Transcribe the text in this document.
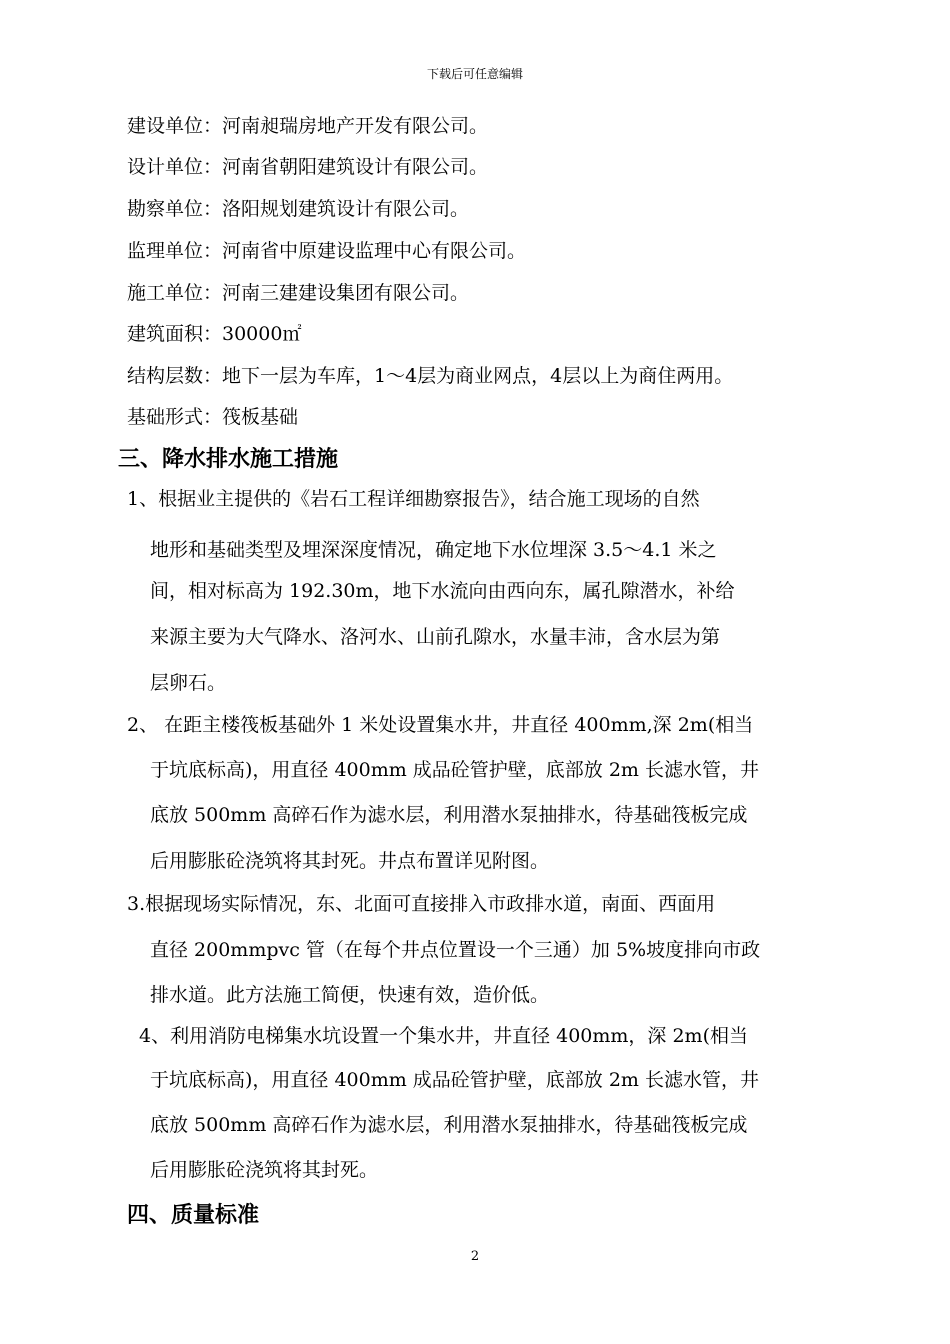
下载后可任意编辑
建设单位：河南昶瑞房地产开发有限公司。
设计单位：河南省朝阳建筑设计有限公司。
勘察单位：洛阳规划建筑设计有限公司。
监理单位：河南省中原建设监理中心有限公司。
施工单位：河南三建建设集团有限公司。
建筑面积：30000㎡
结构层数：地下一层为车库，1～4层为商业网点，4层以上为商住两用。
基础形式：筏板基础
三、降水排水施工措施
1、根据业主提供的《岩石工程详细勘察报告》，结合施工现场的自然
地形和基础类型及埋深深度情况，确定地下水位埋深 3.5～4.1 米之
间，相对标高为 192.30m，地下水流向由西向东，属孔隙潜水，补给
来源主要为大气降水、洛河水、山前孔隙水，水量丰沛，含水层为第
层卵石。
2、 在距主楼筏板基础外 1 米处设置集水井，井直径 400mm,深 2m(相当
于坑底标高)，用直径 400mm 成品砼管护壁，底部放 2m 长滤水管，井
底放 500mm 高碎石作为滤水层，利用潜水泵抽排水，待基础筏板完成
后用膨胀砼浇筑将其封死。井点布置详见附图。
3.根据现场实际情况，东、北面可直接排入市政排水道，南面、西面用
直径 200mmpvc 管（在每个井点位置设一个三通）加 5%坡度排向市政
排水道。此方法施工简便，快速有效，造价低。
4、利用消防电梯集水坑设置一个集水井，井直径 400mm，深 2m(相当
于坑底标高)，用直径 400mm 成品砼管护壁，底部放 2m 长滤水管，井
底放 500mm 高碎石作为滤水层，利用潜水泵抽排水，待基础筏板完成
后用膨胀砼浇筑将其封死。
四、质量标准
2
